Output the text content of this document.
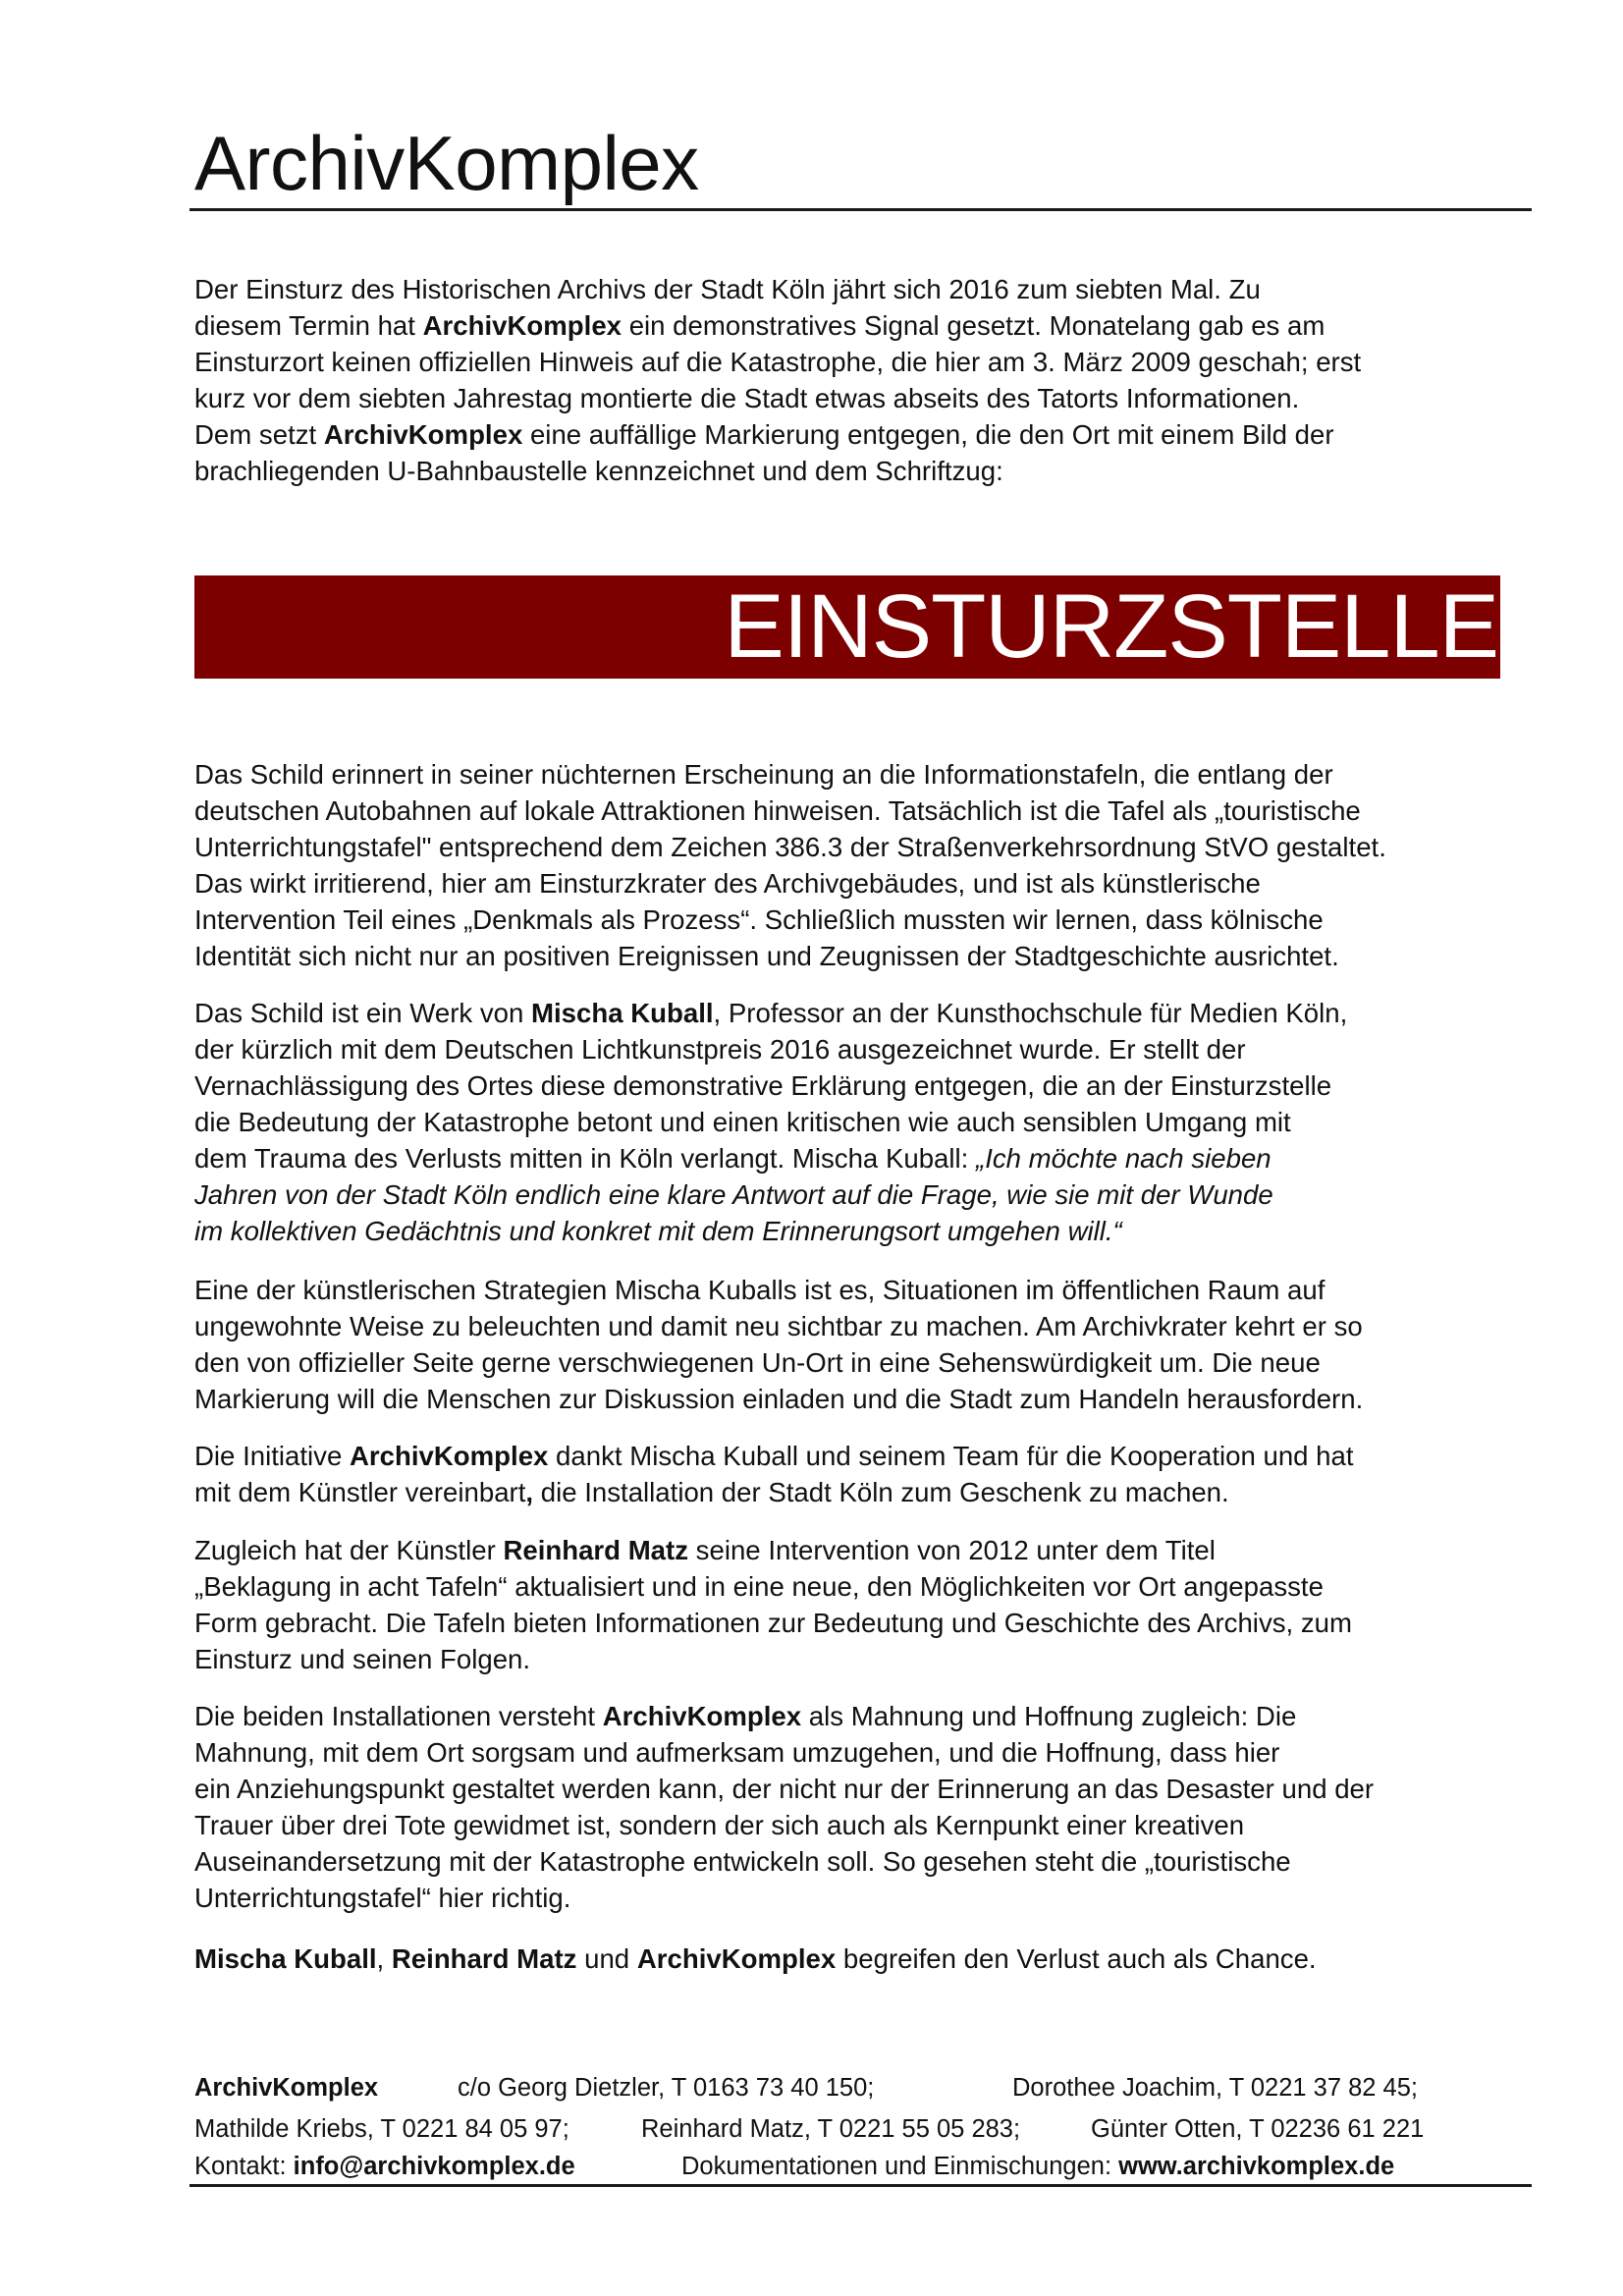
ArchivKomplex

Der Einsturz des Historischen Archivs der Stadt Köln jährt sich 2016 zum siebten Mal. Zu
diesem Termin hat ArchivKomplex ein demonstratives Signal gesetzt. Monatelang gab es am
Einsturzort keinen offiziellen Hinweis auf die Katastrophe, die hier am 3. März 2009 geschah; erst
kurz vor dem siebten Jahrestag montierte die Stadt etwas abseits des Tatorts Informationen.
Dem setzt ArchivKomplex eine auffällige Markierung entgegen, die den Ort mit einem Bild der
brachliegenden U-Bahnbaustelle kennzeichnet und dem Schriftzug:

EINSTURZSTELLE

Das Schild erinnert in seiner nüchternen Erscheinung an die Informationstafeln, die entlang der
deutschen Autobahnen auf lokale Attraktionen hinweisen. Tatsächlich ist die Tafel als „touristische
Unterrichtungstafel" entsprechend dem Zeichen 386.3 der Straßenverkehrsordnung StVO gestaltet.
Das wirkt irritierend, hier am Einsturzkrater des Archivgebäudes, und ist als künstlerische
Intervention Teil eines „Denkmals als Prozess“. Schließlich mussten wir lernen, dass kölnische
Identität sich nicht nur an positiven Ereignissen und Zeugnissen der Stadtgeschichte ausrichtet.

Das Schild ist ein Werk von Mischa Kuball, Professor an der Kunsthochschule für Medien Köln,
der kürzlich mit dem Deutschen Lichtkunstpreis 2016 ausgezeichnet wurde. Er stellt der
Vernachlässigung des Ortes diese demonstrative Erklärung entgegen, die an der Einsturzstelle
die Bedeutung der Katastrophe betont und einen kritischen wie auch sensiblen Umgang mit
dem Trauma des Verlusts mitten in Köln verlangt. Mischa Kuball: „Ich möchte nach sieben
Jahren von der Stadt Köln endlich eine klare Antwort auf die Frage, wie sie mit der Wunde
im kollektiven Gedächtnis und konkret mit dem Erinnerungsort umgehen will.“

Eine der künstlerischen Strategien Mischa Kuballs ist es, Situationen im öffentlichen Raum auf
ungewohnte Weise zu beleuchten und damit neu sichtbar zu machen. Am Archivkrater kehrt er so
den von offizieller Seite gerne verschwiegenen Un-Ort in eine Sehenswürdigkeit um. Die neue
Markierung will die Menschen zur Diskussion einladen und die Stadt zum Handeln herausfordern.

Die Initiative ArchivKomplex dankt Mischa Kuball und seinem Team für die Kooperation und hat
mit dem Künstler vereinbart, die Installation der Stadt Köln zum Geschenk zu machen.

Zugleich hat der Künstler Reinhard Matz seine Intervention von 2012 unter dem Titel
„Beklagung in acht Tafeln“ aktualisiert und in eine neue, den Möglichkeiten vor Ort angepasste
Form gebracht. Die Tafeln bieten Informationen zur Bedeutung und Geschichte des Archivs, zum
Einsturz und seinen Folgen.

Die beiden Installationen versteht ArchivKomplex als Mahnung und Hoffnung zugleich: Die
Mahnung, mit dem Ort sorgsam und aufmerksam umzugehen, und die Hoffnung, dass hier
ein Anziehungspunkt gestaltet werden kann, der nicht nur der Erinnerung an das Desaster und der
Trauer über drei Tote gewidmet ist, sondern der sich auch als Kernpunkt einer kreativen
Auseinandersetzung mit der Katastrophe entwickeln soll. So gesehen steht die „touristische
Unterrichtungstafel“ hier richtig.

Mischa Kuball, Reinhard Matz und ArchivKomplex begreifen den Verlust auch als Chance.

ArchivKomplex	c/o Georg Dietzler, T 0163 73 40 150;	Dorothee Joachim, T 0221 37 82 45;
Mathilde Kriebs, T 0221 84 05 97;	Reinhard Matz, T 0221 55 05 283;	Günter Otten, T 02236 61 221
Kontakt: info@archivkomplex.de	Dokumentationen und Einmischungen: www.archivkomplex.de
